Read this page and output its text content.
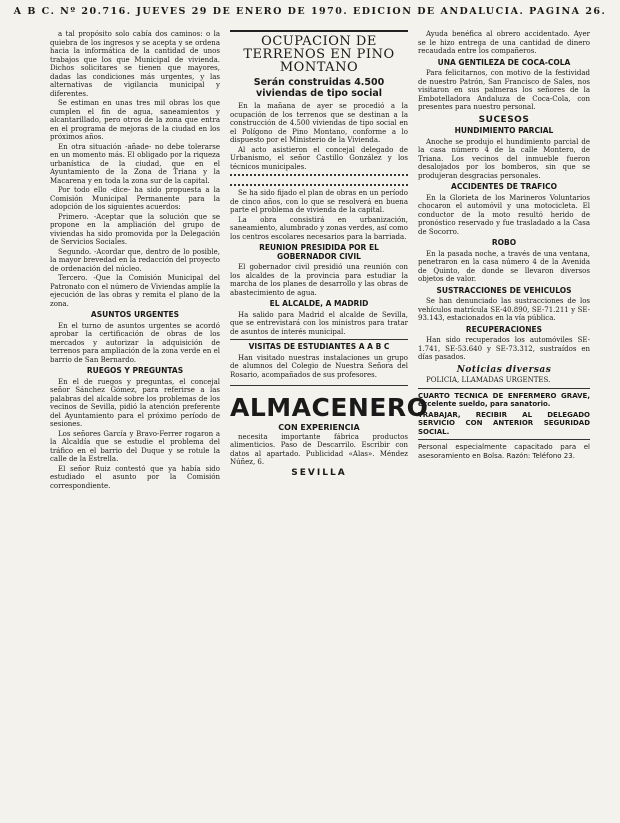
A B C. Nº 20.716. JUEVES 29 DE ENERO DE 1970. EDICION DE ANDALUCIA. PAGINA 26.

a tal propósito solo cabía dos caminos: o la quiebra de los ingresos y se acepta y se ordena hacia la informática de la cantidad de unos trabajos que los que Municipal de vivienda. Dichos solicitares se tienen que mayores, dadas las condiciones más urgentes, y las alternativas de vigilancia municipal y diferentes.

Se estiman en unas tres mil obras los que cumplen el fin de agua, saneamientos y alcantarillado, pero otros de la zona que entra en el programa de mejoras de la ciudad en los próximos años.

En otra situación -añade- no debe tolerarse en un momento más. El obligado por la riqueza urbanística de la ciudad, que en el Ayuntamiento de la Zona de Triana y la Macarena y en toda la zona sur de la capital.

Por todo ello -dice- ha sido propuesta a la Comisión Municipal Permanente para la adopción de los siguientes acuerdos:

Primero. -Aceptar que la solución que se propone en la ampliación del grupo de viviendas ha sido promovida por la Delegación de Servicios Sociales.

Segundo. -Acordar que, dentro de lo posible, la mayor brevedad en la redacción del proyecto de ordenación del núcleo.

Tercero. -Que la Comisión Municipal del Patronato con el número de Viviendas amplíe la ejecución de las obras y remita el plano de la zona.

ASUNTOS URGENTES

En el turno de asuntos urgentes se acordó aprobar la certificación de obras de los mercados y autorizar la adquisición de terrenos para ampliación de la zona verde en el barrio de San Bernardo.

RUEGOS Y PREGUNTAS

En el de ruegos y preguntas, el concejal señor Sánchez Gómez, para referirse a las palabras del alcalde sobre los problemas de los vecinos de Sevilla, pidió la atención preferente del Ayuntamiento para el próximo período de sesiones.

Los señores García y Bravo-Ferrer rogaron a la Alcaldía que se estudie el problema del tráfico en el barrio del Duque y se rotule la calle de la Estrella.

El señor Ruiz contestó que ya había sido estudiado el asunto por la Comisión correspondiente.

OCUPACION DE TERRENOS EN PINO MONTANO
Serán construidas 4.500 viviendas de tipo social

En la mañana de ayer se procedió a la ocupación de los terrenos que se destinan a la construcción de 4.500 viviendas de tipo social en el Polígono de Pino Montano, conforme a lo dispuesto por el Ministerio de la Vivienda.

Al acto asistieron el concejal delegado de Urbanismo, el señor Castillo González y los técnicos municipales.

Se ha sido fijado el plan de obras en un período de cinco años, con lo que se resolverá en buena parte el problema de vivienda de la capital.

La obra consistirá en urbanización, saneamiento, alumbrado y zonas verdes, así como los centros escolares necesarios para la barriada.

REUNION PRESIDIDA POR EL GOBERNADOR CIVIL

El gobernador civil presidió una reunión con los alcaldes de la provincia para estudiar la marcha de los planes de desarrollo y las obras de abastecimiento de agua.

EL ALCALDE, A MADRID

Ha salido para Madrid el alcalde de Sevilla, que se entrevistará con los ministros para tratar de asuntos de interés municipal.

VISITAS DE ESTUDIANTES A A B C

Han visitado nuestras instalaciones un grupo de alumnos del Colegio de Nuestra Señora del Rosario, acompañados de sus profesores.

ALMACENERO
CON EXPERIENCIA

necesita importante fábrica productos alimenticios. Paso de Descarrilo. Escribir con datos al apartado. Publicidad «Alas». Méndez Núñez, 6.

SEVILLA

Ayuda benéfica al obrero accidentado. Ayer se le hizo entrega de una cantidad de dinero recaudada entre los compañeros.

UNA GENTILEZA DE COCA-COLA

Para felicitarnos, con motivo de la festividad de nuestro Patrón, San Francisco de Sales, nos visitaron en sus palmeras los señores de la Embotelladora Andaluza de Coca-Cola, con presentes para nuestro personal.

SUCESOS
HUNDIMIENTO PARCIAL

Anoche se produjo el hundimiento parcial de la casa número 4 de la calle Montero, de Triana. Los vecinos del inmueble fueron desalojados por los bomberos, sin que se produjeran desgracias personales.

ACCIDENTES DE TRAFICO

En la Glorieta de los Marineros Voluntarios chocaron el automóvil y una motocicleta. El conductor de la moto resultó herido de pronóstico reservado y fue trasladado a la Casa de Socorro.

ROBO

En la pasada noche, a través de una ventana, penetraron en la casa número 4 de la Avenida de Quinto, de donde se llevaron diversos objetos de valor.

SUSTRACCIONES DE VEHICULOS

Se han denunciado las sustracciones de los vehículos matrícula SE-40.890, SE-71.211 y SE-93.143, estacionados en la vía pública.

RECUPERACIONES

Han sido recuperados los automóviles SE-1.741, SE-53.640 y SE-73.312, sustraídos en días pasados.

Noticias diversas

POLICIA, LLAMADAS URGENTES.

CUARTO TECNICA DE ENFERMERO GRAVE, excelente sueldo, para sanatorio.
TRABAJAR, RECIBIR AL DELEGADO SERVICIO CON ANTERIOR SEGURIDAD SOCIAL.
Personal especialmente capacitado para el asesoramiento en Bolsa. Razón: Teléfono 23.
